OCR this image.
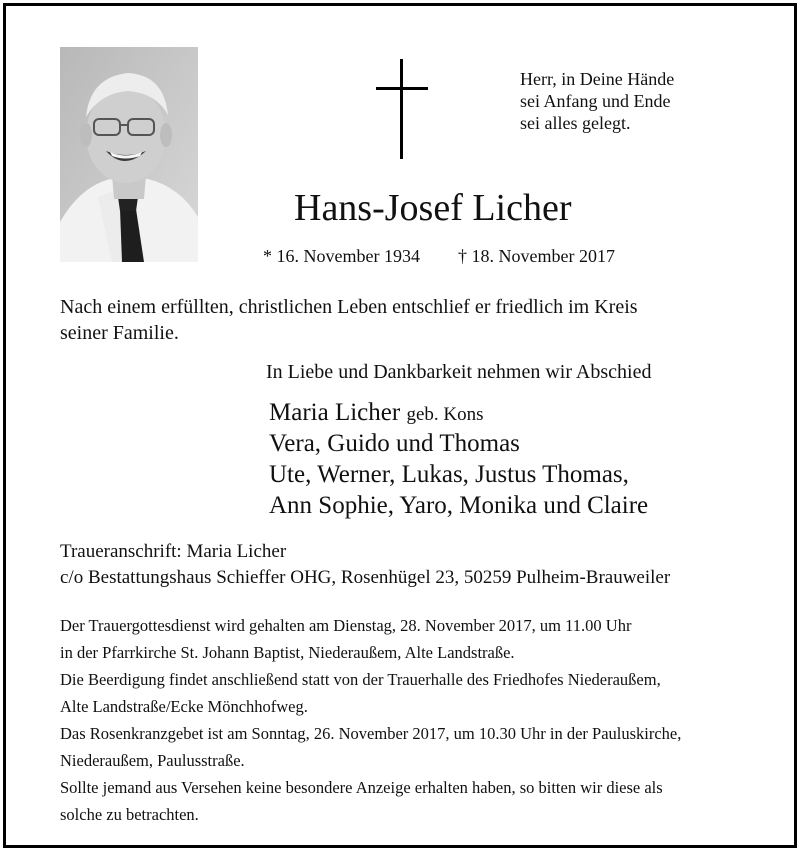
Herr, in Deine Hände
sei Anfang und Ende
sei alles gelegt.
Hans-Josef Licher
* 16. November 1934 † 18. November 2017
Nach einem erfüllten, christlichen Leben entschlief er friedlich im Kreis
seiner Familie.
In Liebe und Dankbarkeit nehmen wir Abschied
Maria Licher geb. Kons
Vera, Guido und Thomas
Ute, Werner, Lukas, Justus Thomas,
Ann Sophie, Yaro, Monika und Claire
Traueranschrift: Maria Licher
c/o Bestattungshaus Schieffer OHG, Rosenhügel 23, 50259 Pulheim-Brauweiler
Der Trauergottesdienst wird gehalten am Dienstag, 28. November 2017, um 11.00 Uhr
in der Pfarrkirche St. Johann Baptist, Niederaußem, Alte Landstraße.
Die Beerdigung findet anschließend statt von der Trauerhalle des Friedhofes Niederaußem,
Alte Landstraße/Ecke Mönchhofweg.
Das Rosenkranzgebet ist am Sonntag, 26. November 2017, um 10.30 Uhr in der Pauluskirche,
Niederaußem, Paulusstraße.
Sollte jemand aus Versehen keine besondere Anzeige erhalten haben, so bitten wir diese als
solche zu betrachten.
